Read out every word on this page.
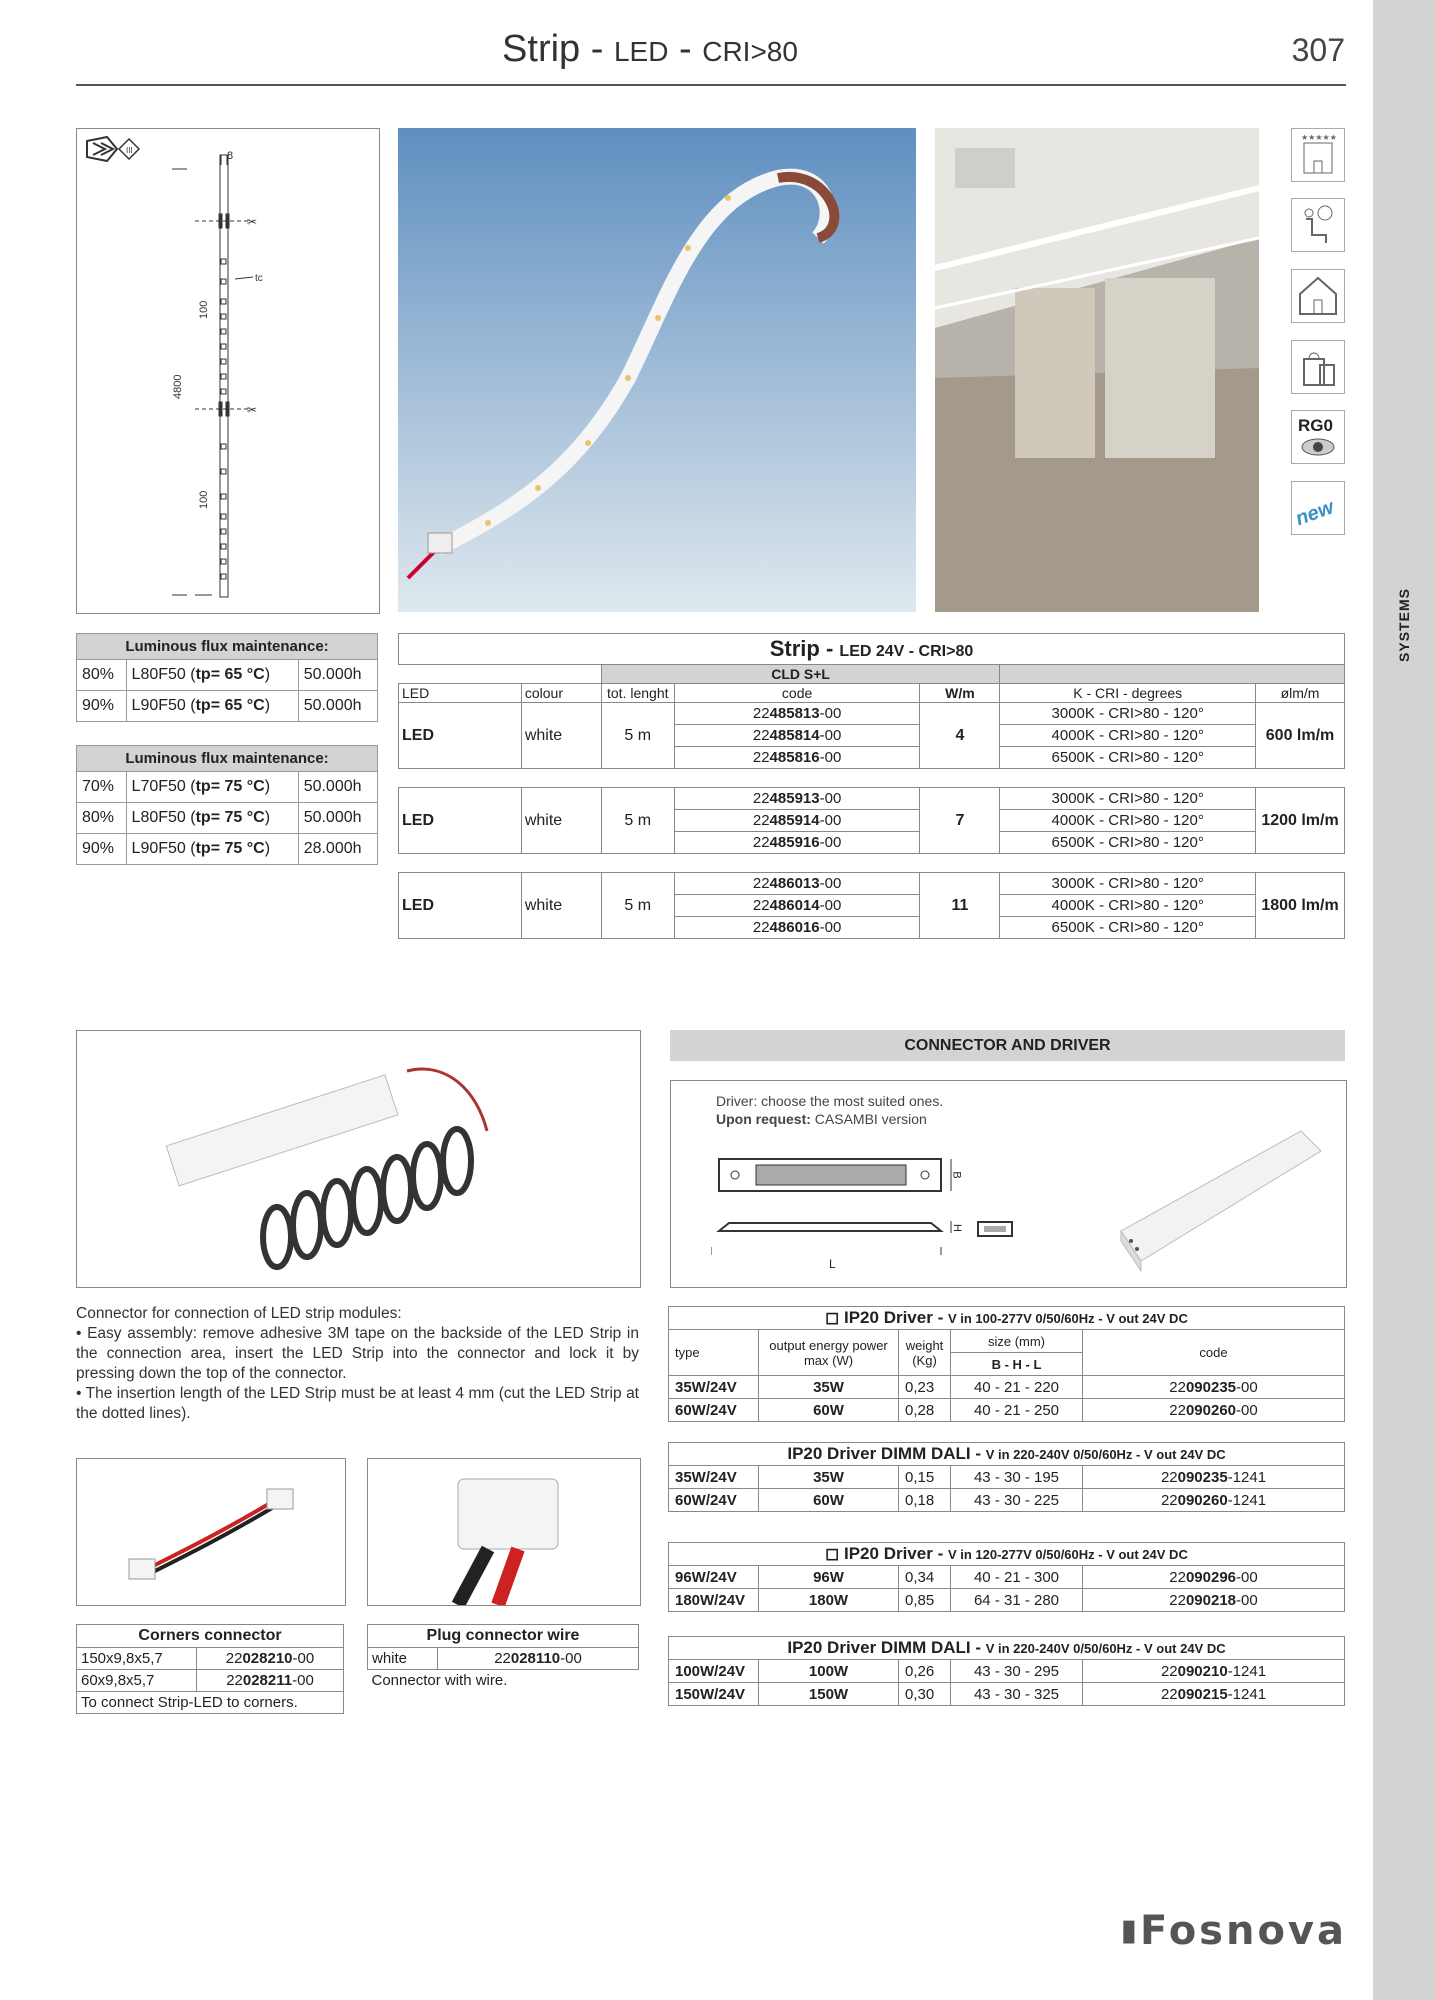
SYSTEMS
Strip - LED - CRI>80	307
III
✂
✂
8
tc
100
4800
100
★★★★★
RG0
new
Luminous flux maintenance:		
80%	L80F50 (tp= 65 °C)	50.000h
90%	L90F50 (tp= 65 °C)	50.000h
Luminous flux maintenance:		
70%	L70F50 (tp= 75 °C)	50.000h
80%	L80F50 (tp= 75 °C)	50.000h
90%	L90F50 (tp= 75 °C)	28.000h
Strip - LED 24V - CRI>80						
		CLD S+L				
LED	colour	tot. lenght	code	W/m	K - CRI - degrees	ølm/m
LED	white	5 m	22485813-00	4	3000K - CRI>80 - 120°	600 lm/m
			22485814-00		4000K - CRI>80 - 120°	
			22485816-00		6500K - CRI>80 - 120°	

LED	white	5 m	22485913-00	7	3000K - CRI>80 - 120°	1200 lm/m
			22485914-00		4000K - CRI>80 - 120°	
			22485916-00		6500K - CRI>80 - 120°	

LED	white	5 m	22486013-00	11	3000K - CRI>80 - 120°	1800 lm/m
			22486014-00		4000K - CRI>80 - 120°	
			22486016-00		6500K - CRI>80 - 120°	
CONNECTOR AND DRIVER
Driver: choose the most suited ones.
Upon request: CASAMBI version
B
H
L
Connector for connection of LED strip modules:
• Easy assembly: remove adhesive 3M tape on the backside of the LED Strip in the connection area, insert the LED Strip into the connector and lock it by pressing down the top of the connector.
• The insertion length of the LED Strip must be at least 4 mm (cut the LED Strip at the dotted lines).
Corners connector	
150x9,8x5,7	22028210-00
60x9,8x5,7	22028211-00
To connect Strip-LED to corners.	
Plug connector wire
white	22028110-00
Connector with wire.
◻ IP20 Driver - V in 100-277V 0/50/60Hz - V out 24V DC				
type	output energy power max (W)	weight (Kg)	size (mm)	code
			B - H - L	
35W/24V	35W	0,23	40 - 21 - 220	22090235-00
60W/24V	60W	0,28	40 - 21 - 250	22090260-00
IP20 Driver DIMM DALI - V in 220-240V 0/50/60Hz - V out 24V DC				
35W/24V	35W	0,15	43 - 30 - 195	22090235-1241
60W/24V	60W	0,18	43 - 30 - 225	22090260-1241
◻ IP20 Driver - V in 120-277V 0/50/60Hz - V out 24V DC				
96W/24V	96W	0,34	40 - 21 - 300	22090296-00
180W/24V	180W	0,85	64 - 31 - 280	22090218-00
IP20 Driver DIMM DALI - V in 220-240V 0/50/60Hz - V out 24V DC				
100W/24V	100W	0,26	43 - 30 - 295	22090210-1241
150W/24V	150W	0,30	43 - 30 - 325	22090215-1241
▮Fosnova
